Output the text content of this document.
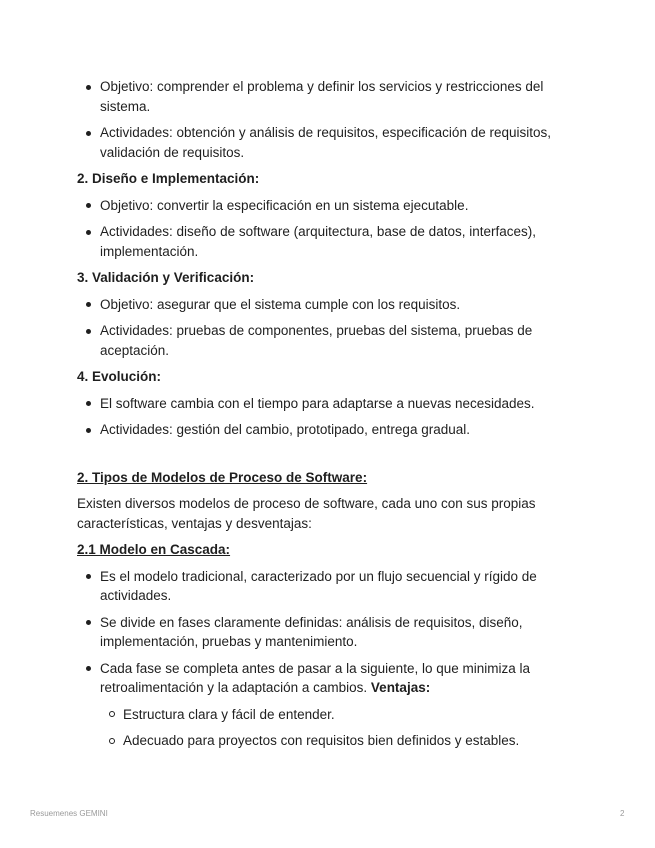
Objetivo: comprender el problema y definir los servicios y restricciones del sistema.
Actividades: obtención y análisis de requisitos, especificación de requisitos, validación de requisitos.
2. Diseño e Implementación:
Objetivo: convertir la especificación en un sistema ejecutable.
Actividades: diseño de software (arquitectura, base de datos, interfaces), implementación.
3. Validación y Verificación:
Objetivo: asegurar que el sistema cumple con los requisitos.
Actividades: pruebas de componentes, pruebas del sistema, pruebas de aceptación.
4. Evolución:
El software cambia con el tiempo para adaptarse a nuevas necesidades.
Actividades: gestión del cambio, prototipado, entrega gradual.
2. Tipos de Modelos de Proceso de Software:
Existen diversos modelos de proceso de software, cada uno con sus propias características, ventajas y desventajas:
2.1 Modelo en Cascada:
Es el modelo tradicional, caracterizado por un flujo secuencial y rígido de actividades.
Se divide en fases claramente definidas: análisis de requisitos, diseño, implementación, pruebas y mantenimiento.
Cada fase se completa antes de pasar a la siguiente, lo que minimiza la retroalimentación y la adaptación a cambios. Ventajas:
Estructura clara y fácil de entender.
Adecuado para proyectos con requisitos bien definidos y estables.
Resuemenes GEMINI	2
